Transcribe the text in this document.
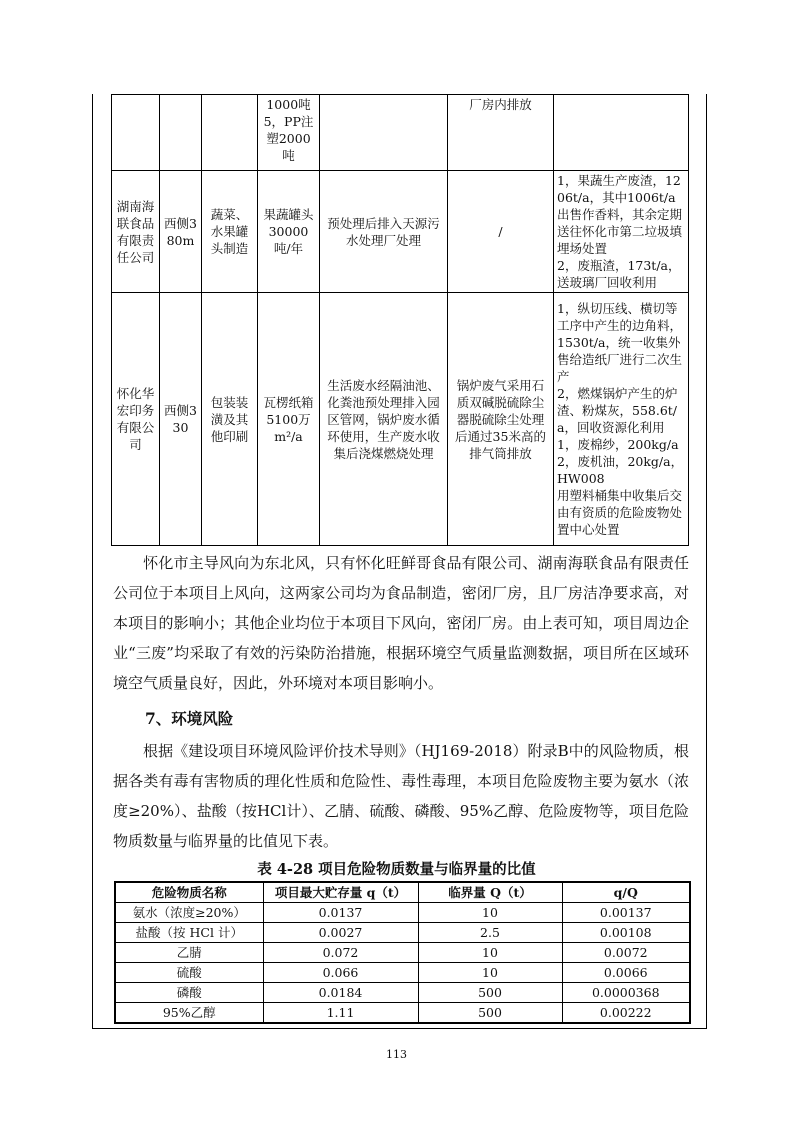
			1000吨5，PP注塑2000吨		厂房内排放	
湖南海联食品有限责任公司	西侧380m	蔬菜、水果罐头制造	果蔬罐头30000吨/年	预处理后排入天源污水处理厂处理	/	1，果蔬生产废渣，1206t/a，其中1006t/a出售作香料，其余定期送往怀化市第二垃圾填埋场处置
2，废瓶渣，173t/a，送玻璃厂回收利用
怀化华宏印务有限公司	西侧330	包装装潢及其他印刷	瓦楞纸箱5100万m²/a	生活废水经隔油池、化粪池预处理排入园区管网，锅炉废水循环使用，生产废水收集后浇煤燃烧处理	锅炉废气采用石质双碱脱硫除尘器脱硫除尘处理后通过35米高的排气筒排放	1，纵切压线、横切等工序中产生的边角料，1530t/a，统一收集外售给造纸厂进行二次生产
2，燃煤锅炉产生的炉渣、粉煤灰，558.6t/a，回收资源化利用
1，废棉纱，200kg/a
2，废机油，20kg/a，HW008
用塑料桶集中收集后交由有资质的危险废物处置中心处置
怀化市主导风向为东北风，只有怀化旺鲜哥食品有限公司、湖南海联食品有限责任公司位于本项目上风向，这两家公司均为食品制造，密闭厂房，且厂房洁净要求高，对本项目的影响小；其他企业均位于本项目下风向，密闭厂房。由上表可知，项目周边企业“三废”均采取了有效的污染防治措施，根据环境空气质量监测数据，项目所在区域环境空气质量良好，因此，外环境对本项目影响小。
7、环境风险
根据《建设项目环境风险评价技术导则》（HJ169-2018）附录B中的风险物质，根据各类有毒有害物质的理化性质和危险性、毒性毒理，本项目危险废物主要为氨水（浓度≥20%）、盐酸（按HCl计）、乙腈、硫酸、磷酸、95%乙醇、危险废物等，项目危险物质数量与临界量的比值见下表。
表 4-28 项目危险物质数量与临界量的比值
危险物质名称	项目最大贮存量 q（t）	临界量 Q（t）	q/Q
氨水（浓度≥20%）	0.0137	10	0.00137
盐酸（按 HCl 计）	0.0027	2.5	0.00108
乙腈	0.072	10	0.0072
硫酸	0.066	10	0.0066
磷酸	0.0184	500	0.0000368
95%乙醇	1.11	500	0.00222
113
